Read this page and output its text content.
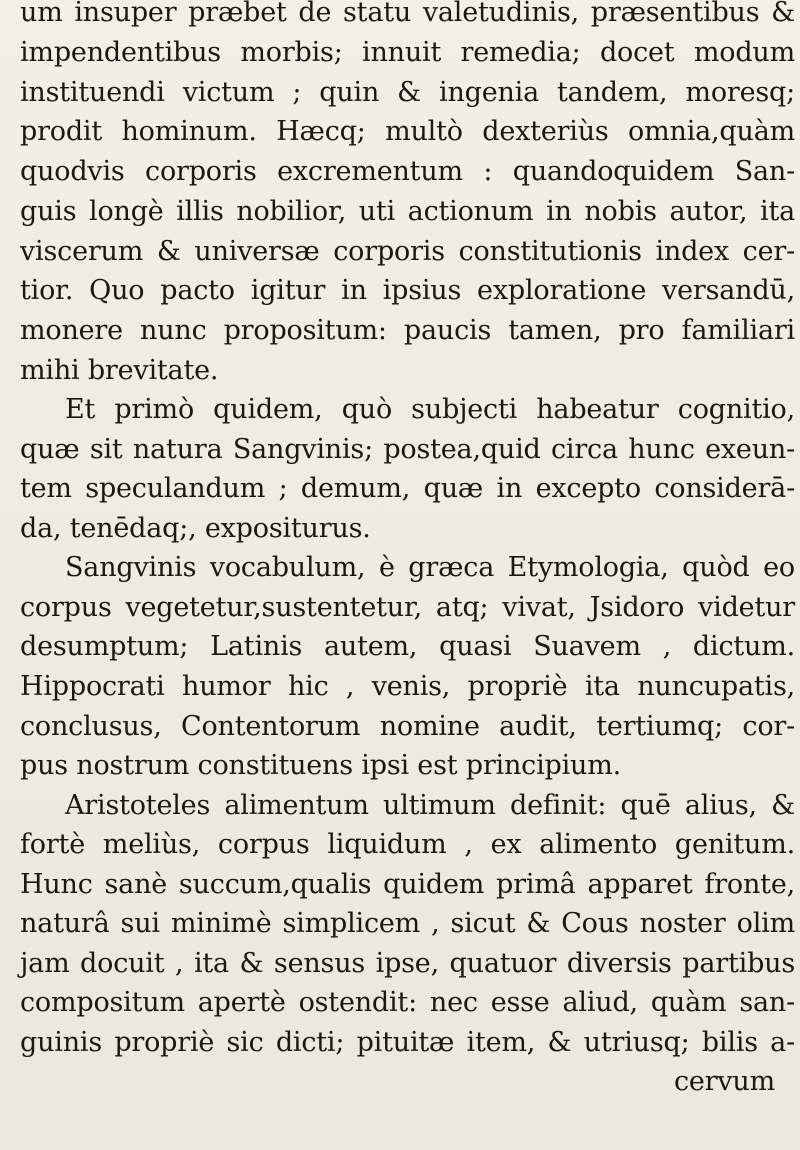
um insuper præbet de statu valetudinis, præsentibus &
impendentibus morbis; innuit remedia; docet modum
instituendi victum ; quin & ingenia tandem, moresq;
prodit hominum. Hæcq; multò dexteriùs omnia,quàm
quodvis corporis excrementum : quandoquidem San-
guis longè illis nobilior, uti actionum in nobis autor, ita
viscerum & universæ corporis constitutionis index cer-
tior. Quo pacto igitur in ipsius exploratione versandū,
monere nunc propositum: paucis tamen, pro familiari
mihi brevitate.
Et primò quidem, quò subjecti habeatur cognitio,
quæ sit natura Sangvinis; postea,quid circa hunc exeun-
tem speculandum ; demum, quæ in excepto considerā-
da, tenēdaq;, expositurus.
Sangvinis vocabulum, è græca Etymologia, quòd eo
corpus vegetetur,sustentetur, atq; vivat, Jsidoro videtur
desumptum; Latinis autem, quasi Suavem , dictum.
Hippocrati humor hic , venis, propriè ita nuncupatis,
conclusus, Contentorum nomine audit, tertiumq; cor-
pus nostrum constituens ipsi est principium.
Aristoteles alimentum ultimum definit: quē alius, &
fortè meliùs, corpus liquidum , ex alimento genitum.
Hunc sanè succum,qualis quidem primâ apparet fronte,
naturâ sui minimè simplicem , sicut & Cous noster olim
jam docuit , ita & sensus ipse, quatuor diversis partibus
compositum apertè ostendit: nec esse aliud, quàm san-
guinis propriè sic dicti; pituitæ item, & utriusq; bilis a-
cervum
